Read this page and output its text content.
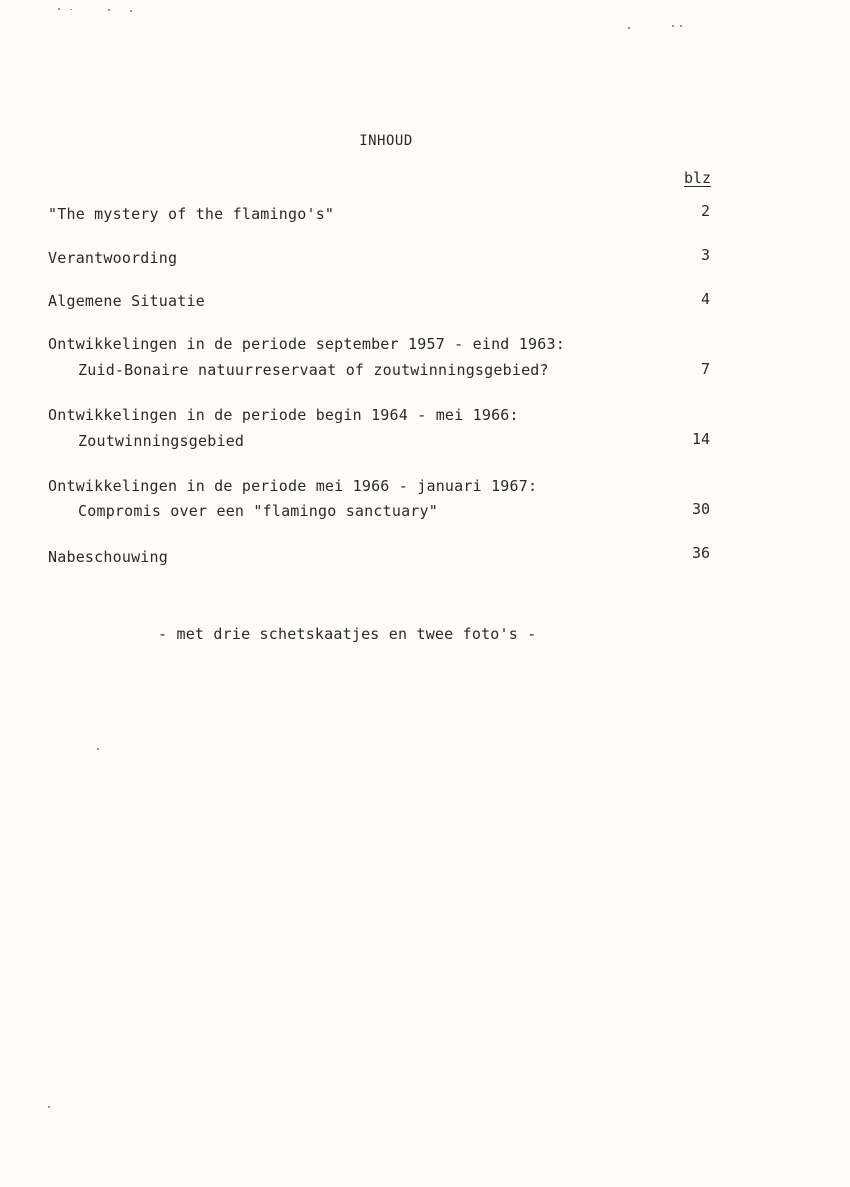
INHOUD
blz
"The mystery of the flamingo's"	2
Verantwoording	3
Algemene Situatie	4
Ontwikkelingen in de periode september 1957 - eind 1963:
Zuid-Bonaire natuurreservaat of zoutwinningsgebied?	7
Ontwikkelingen in de periode begin 1964 - mei 1966:
Zoutwinningsgebied	14
Ontwikkelingen in de periode mei 1966 - januari 1967:
Compromis over een "flamingo sanctuary"	30
Nabeschouwing	36
- met drie schetskaatjes en twee foto's -
